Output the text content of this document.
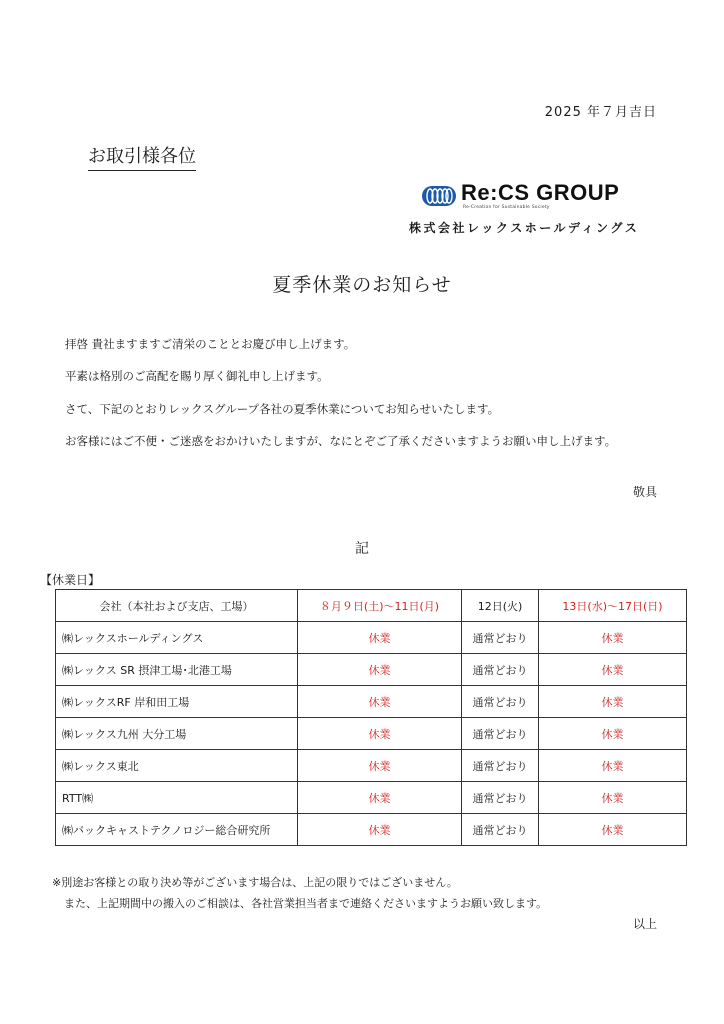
2025 年７月吉日
お取引様各位
Re:CS GROUP
Re-Creation for Sustainable Society
株式会社レックスホールディングス
夏季休業のお知らせ
拝啓 貴社ますますご清栄のこととお慶び申し上げます。
平素は格別のご高配を賜り厚く御礼申し上げます。
さて、下記のとおりレックスグループ各社の夏季休業についてお知らせいたします。
お客様にはご不便・ご迷惑をおかけいたしますが、なにとぞご了承くださいますようお願い申し上げます。
敬具
記
【休業日】
会社（本社および支店、工場）	８月９日(土)～11日(月)	12日(火)	13日(水)～17日(日)
㈱レックスホールディングス	休業	通常どおり	休業
㈱レックス SR 摂津工場･北港工場	休業	通常どおり	休業
㈱レックスRF 岸和田工場	休業	通常どおり	休業
㈱レックス九州 大分工場	休業	通常どおり	休業
㈱レックス東北	休業	通常どおり	休業
RTT㈱	休業	通常どおり	休業
㈱バックキャストテクノロジー総合研究所	休業	通常どおり	休業
※別途お客様との取り決め等がございます場合は、上記の限りではございません。
また、上記期間中の搬入のご相談は、各社営業担当者まで連絡くださいますようお願い致します。
以上
